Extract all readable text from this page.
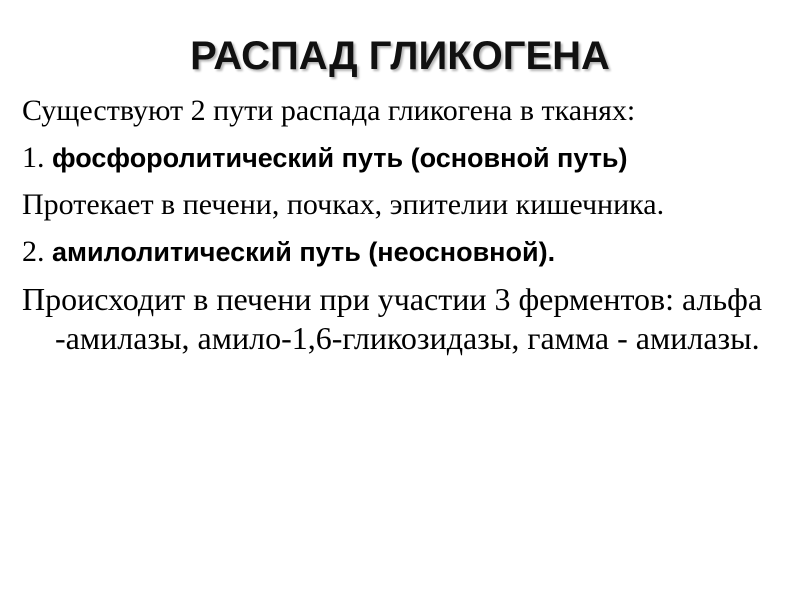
РАСПАД ГЛИКОГЕНА

Существуют 2 пути распада гликогена в тканях:

1. фосфоролитический путь (основной путь)

Протекает в печени, почках, эпителии кишечника.

2. амилолитический путь (неосновной).

Происходит в печени при участии 3 ферментов: альфа -амилазы, амило-1,6-гликозидазы, гамма - амилазы.
